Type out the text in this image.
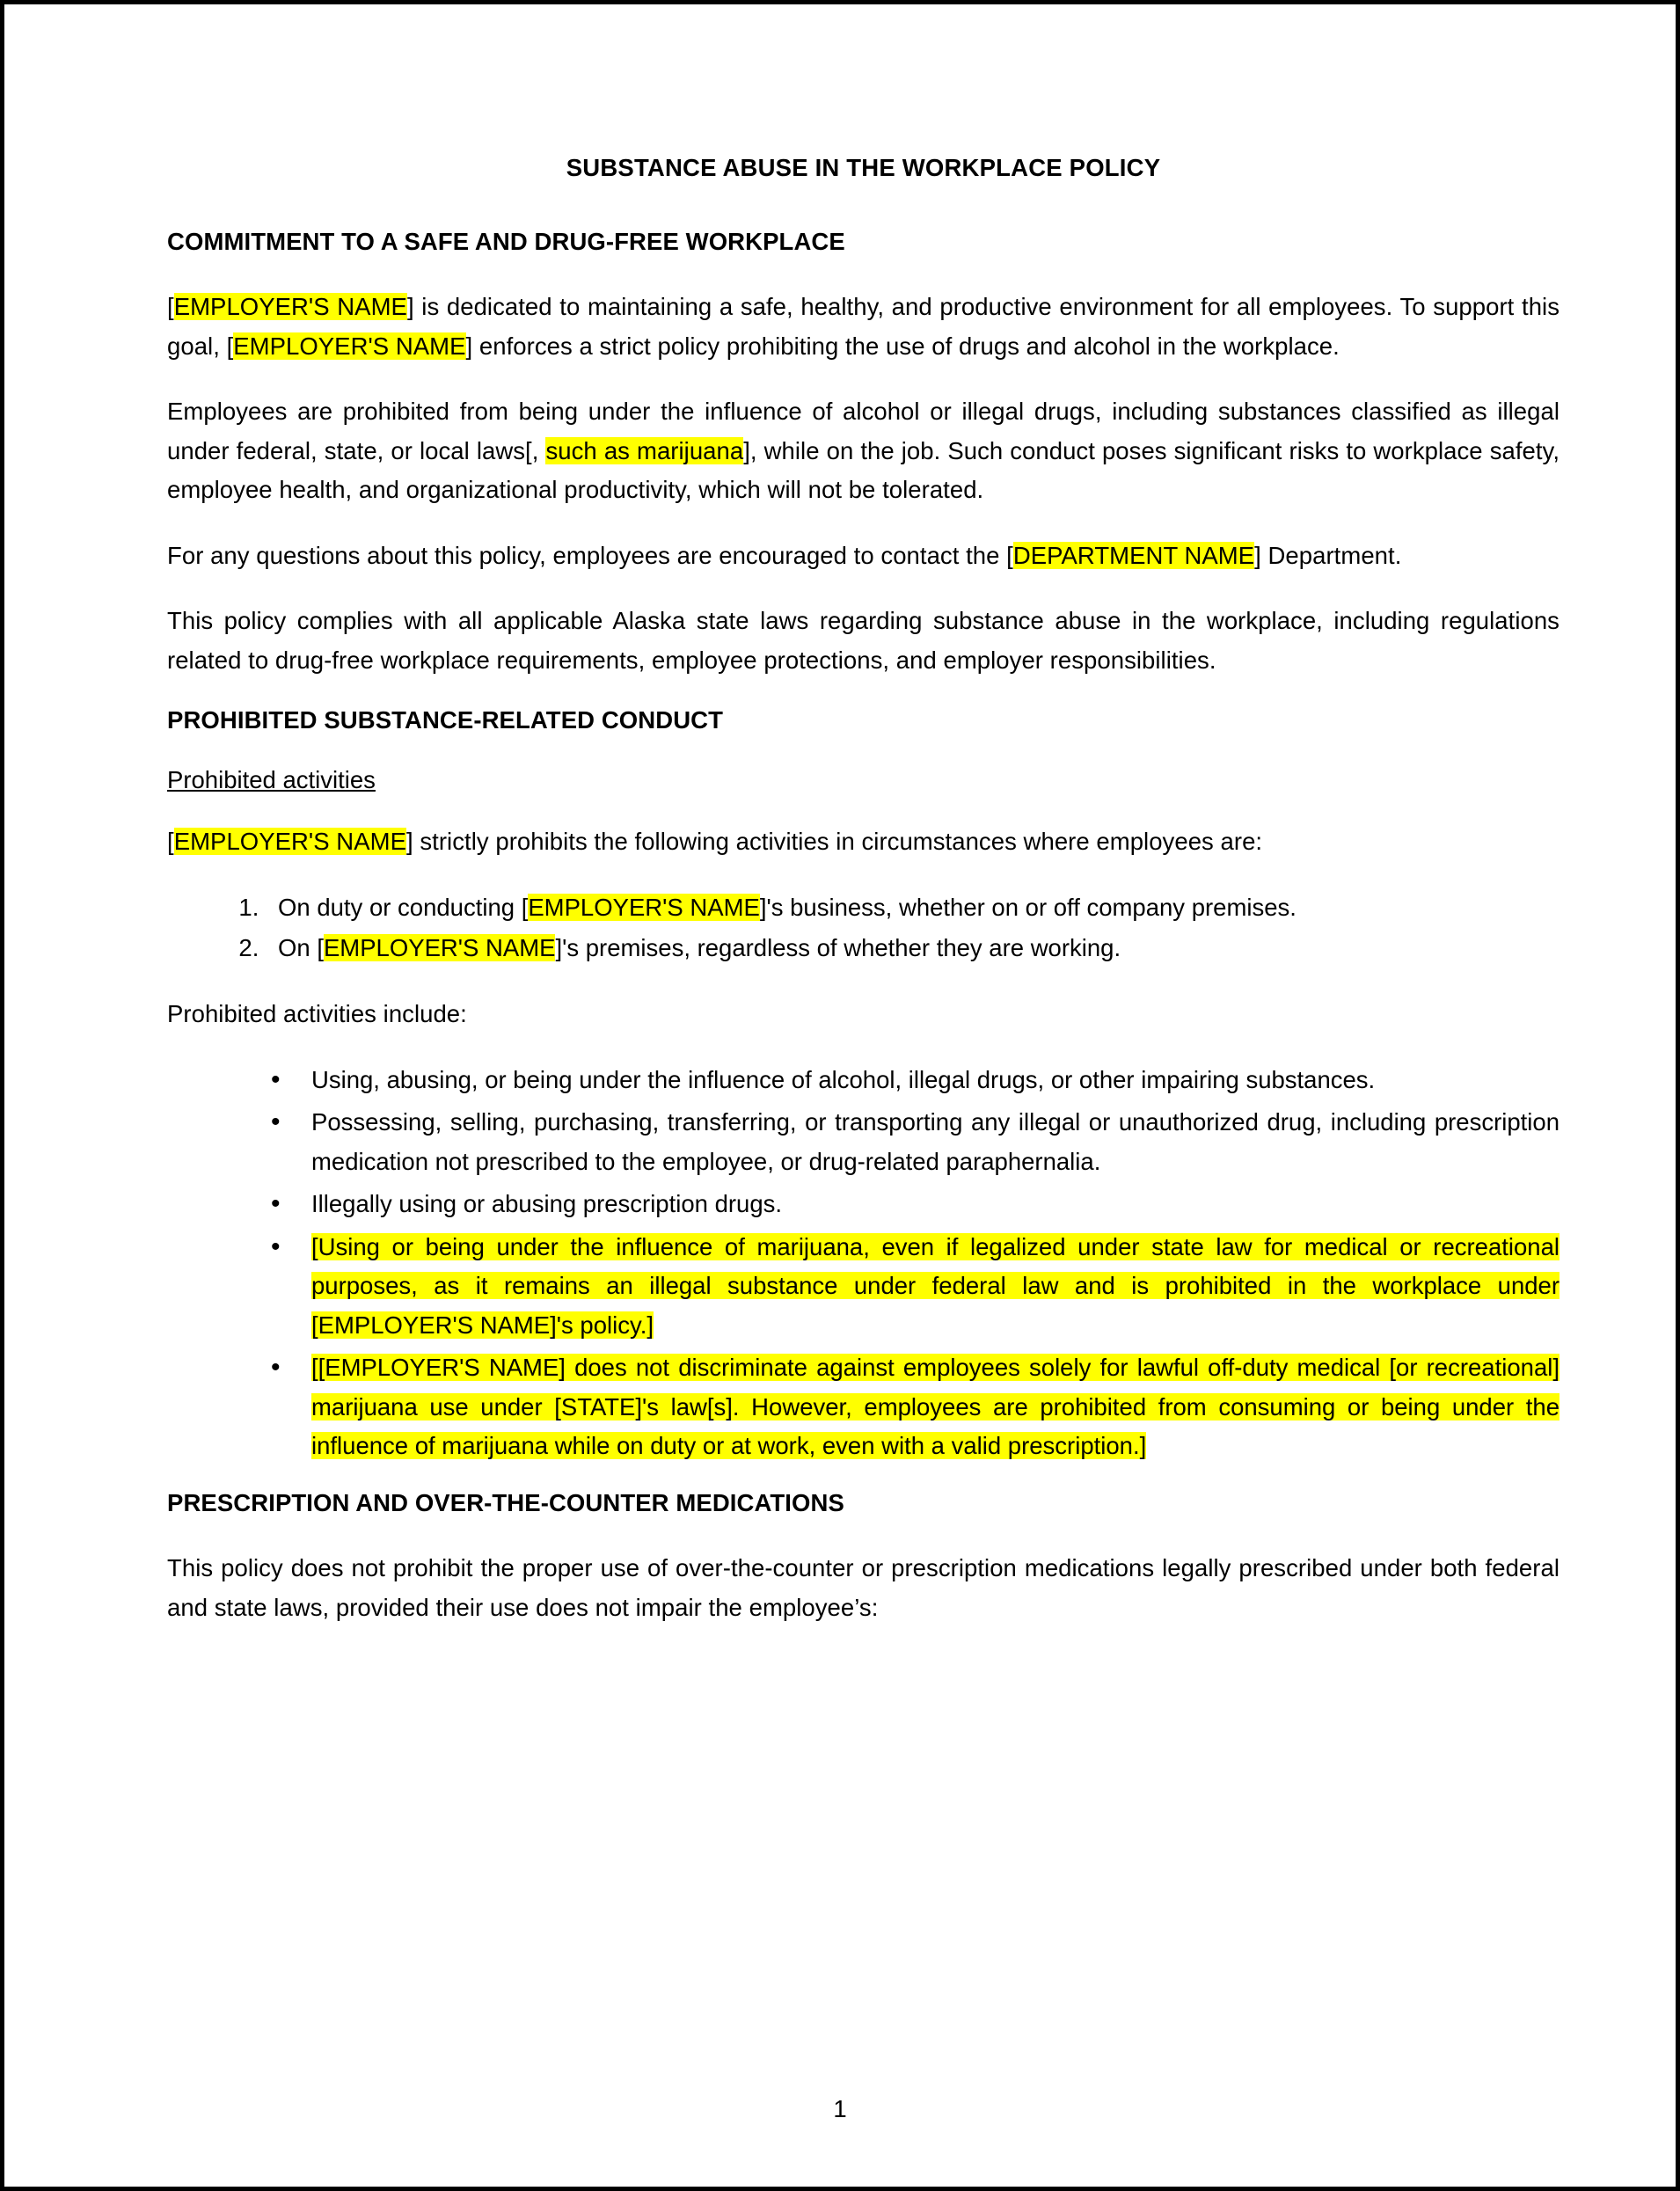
SUBSTANCE ABUSE IN THE WORKPLACE POLICY
COMMITMENT TO A SAFE AND DRUG-FREE WORKPLACE

[EMPLOYER'S NAME] is dedicated to maintaining a safe, healthy, and productive environment for all employees. To support this goal, [EMPLOYER'S NAME] enforces a strict policy prohibiting the use of drugs and alcohol in the workplace.

Employees are prohibited from being under the influence of alcohol or illegal drugs, including substances classified as illegal under federal, state, or local laws[, such as marijuana], while on the job. Such conduct poses significant risks to workplace safety, employee health, and organizational productivity, which will not be tolerated.

For any questions about this policy, employees are encouraged to contact the [DEPARTMENT NAME] Department.

This policy complies with all applicable Alaska state laws regarding substance abuse in the workplace, including regulations related to drug-free workplace requirements, employee protections, and employer responsibilities.

PROHIBITED SUBSTANCE-RELATED CONDUCT
Prohibited activities

[EMPLOYER'S NAME] strictly prohibits the following activities in circumstances where employees are:

1. On duty or conducting [EMPLOYER'S NAME]'s business, whether on or off company premises.
2. On [EMPLOYER'S NAME]'s premises, regardless of whether they are working.

Prohibited activities include:

• Using, abusing, or being under the influence of alcohol, illegal drugs, or other impairing substances.
• Possessing, selling, purchasing, transferring, or transporting any illegal or unauthorized drug, including prescription medication not prescribed to the employee, or drug-related paraphernalia.
• Illegally using or abusing prescription drugs.
• [Using or being under the influence of marijuana, even if legalized under state law for medical or recreational purposes, as it remains an illegal substance under federal law and is prohibited in the workplace under [EMPLOYER'S NAME]'s policy.]
• [[EMPLOYER'S NAME] does not discriminate against employees solely for lawful off-duty medical [or recreational] marijuana use under [STATE]'s law[s]. However, employees are prohibited from consuming or being under the influence of marijuana while on duty or at work, even with a valid prescription.]
PRESCRIPTION AND OVER-THE-COUNTER MEDICATIONS

This policy does not prohibit the proper use of over-the-counter or prescription medications legally prescribed under both federal and state laws, provided their use does not impair the employee’s:

1
